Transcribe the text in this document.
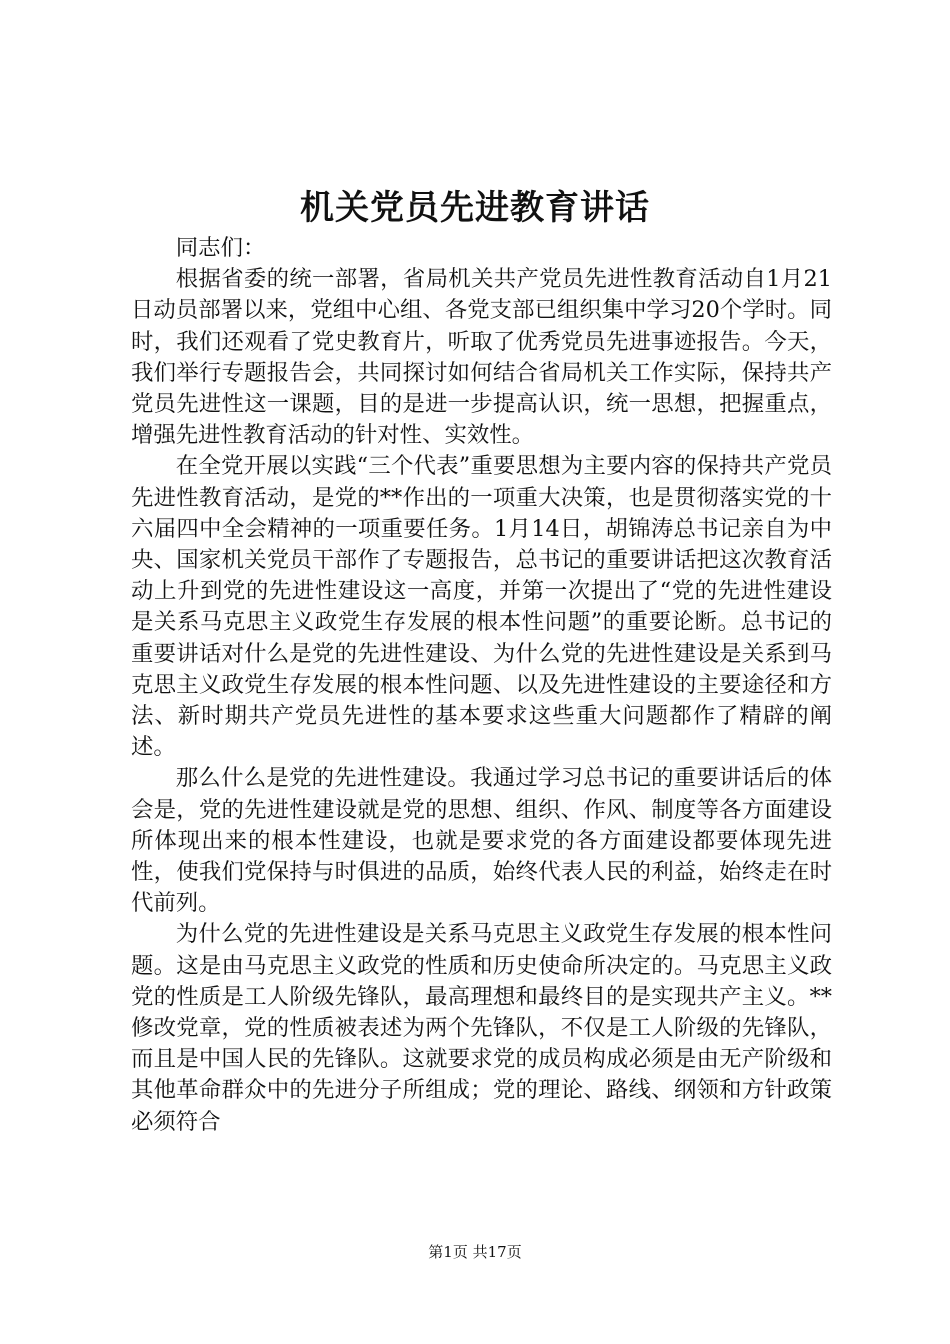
机关党员先进教育讲话

同志们：

根据省委的统一部署，省局机关共产党员先进性教育活动自1月21日动员部署以来，党组中心组、各党支部已组织集中学习20个学时。同时，我们还观看了党史教育片，听取了优秀党员先进事迹报告。今天，我们举行专题报告会，共同探讨如何结合省局机关工作实际，保持共产党员先进性这一课题，目的是进一步提高认识，统一思想，把握重点，增强先进性教育活动的针对性、实效性。

在全党开展以实践“三个代表”重要思想为主要内容的保持共产党员先进性教育活动，是党的**作出的一项重大决策，也是贯彻落实党的十六届四中全会精神的一项重要任务。1月14日，胡锦涛总书记亲自为中央、国家机关党员干部作了专题报告，总书记的重要讲话把这次教育活动上升到党的先进性建设这一高度，并第一次提出了“党的先进性建设是关系马克思主义政党生存发展的根本性问题”的重要论断。总书记的重要讲话对什么是党的先进性建设、为什么党的先进性建设是关系到马克思主义政党生存发展的根本性问题、以及先进性建设的主要途径和方法、新时期共产党员先进性的基本要求这些重大问题都作了精辟的阐述。

那么什么是党的先进性建设。我通过学习总书记的重要讲话后的体会是，党的先进性建设就是党的思想、组织、作风、制度等各方面建设所体现出来的根本性建设，也就是要求党的各方面建设都要体现先进性，使我们党保持与时俱进的品质，始终代表人民的利益，始终走在时代前列。

为什么党的先进性建设是关系马克思主义政党生存发展的根本性问题。这是由马克思主义政党的性质和历史使命所决定的。马克思主义政党的性质是工人阶级先锋队，最高理想和最终目的是实现共产主义。**修改党章，党的性质被表述为两个先锋队，不仅是工人阶级的先锋队，而且是中国人民的先锋队。这就要求党的成员构成必须是由无产阶级和其他革命群众中的先进分子所组成；党的理论、路线、纲领和方针政策必须符合

第1页 共17页
